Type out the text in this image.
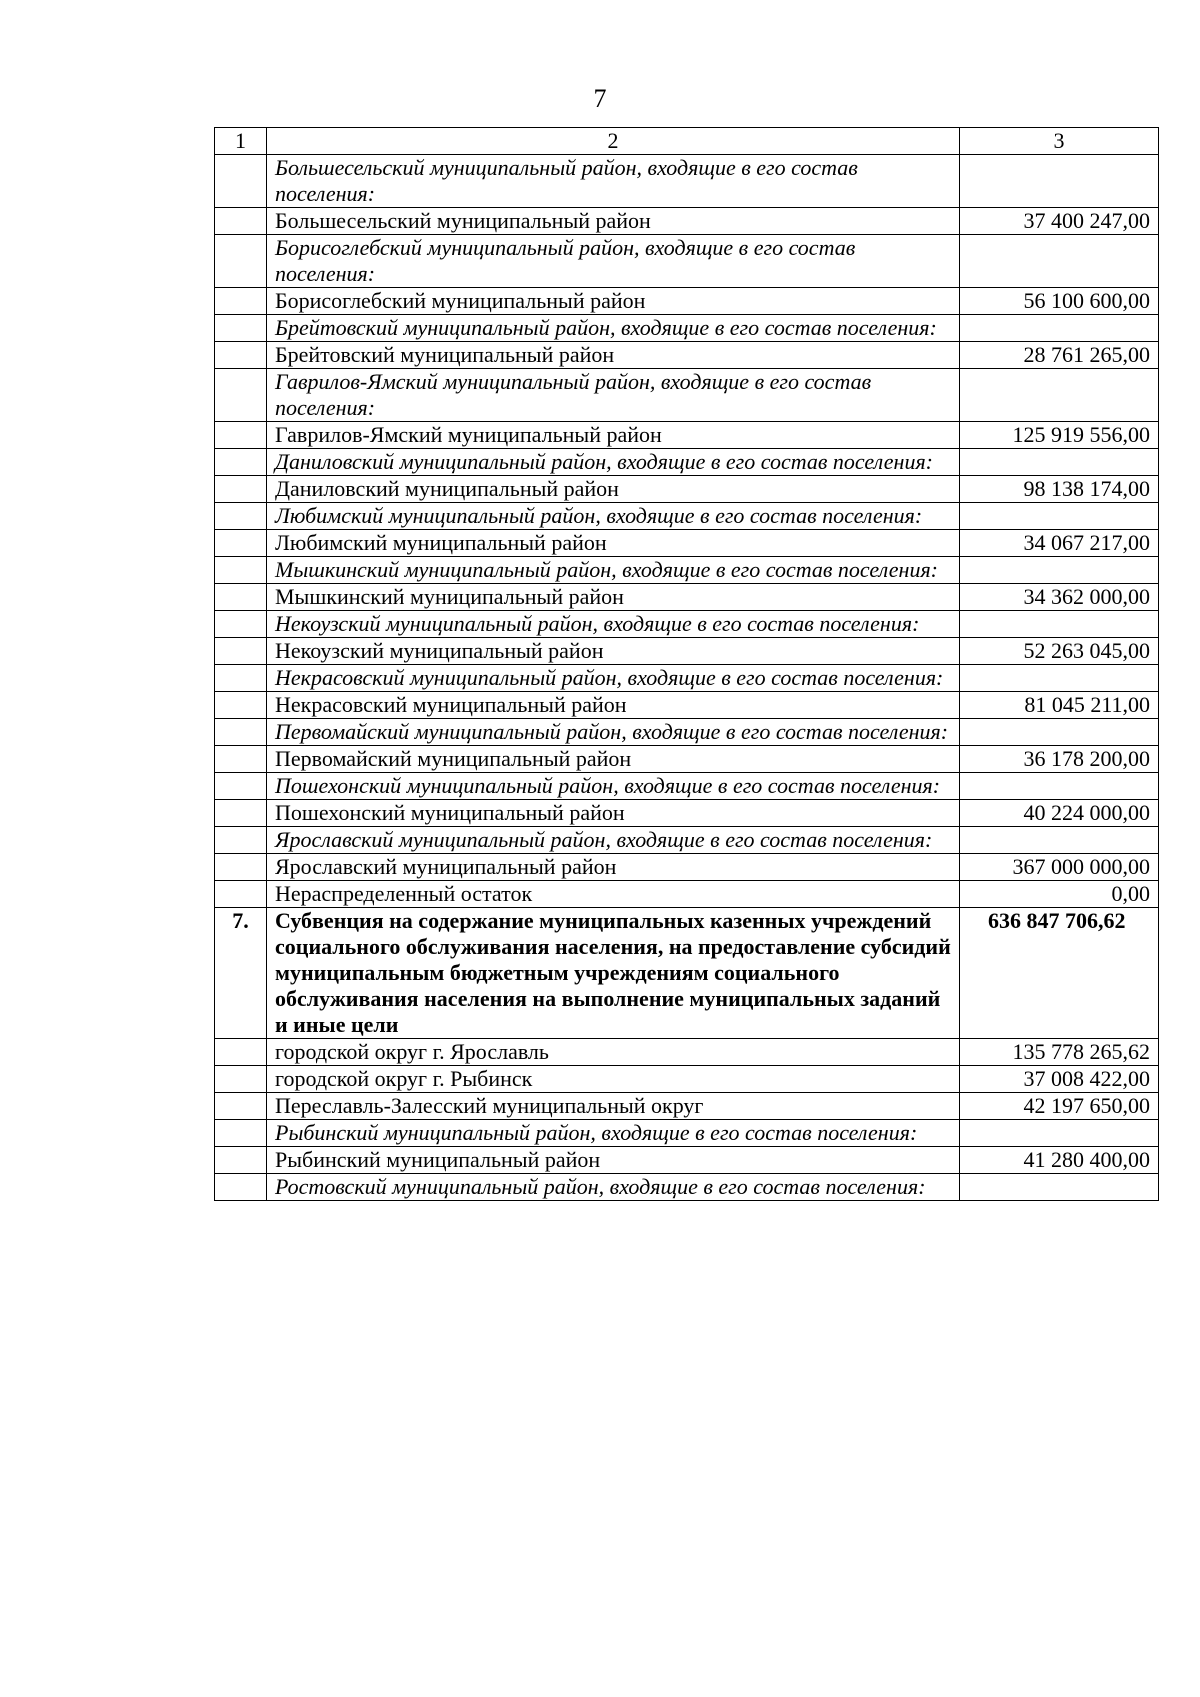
7
1	2	3
	Большесельский муниципальный район, входящие в его состав поселения:	
	Большесельский муниципальный район	37 400 247,00
	Борисоглебский муниципальный район, входящие в его состав поселения:	
	Борисоглебский муниципальный район	56 100 600,00
	Брейтовский муниципальный район, входящие в его состав поселения:	
	Брейтовский муниципальный район	28 761 265,00
	Гаврилов-Ямский муниципальный район, входящие в его состав поселения:	
	Гаврилов-Ямский муниципальный район	125 919 556,00
	Даниловский муниципальный район, входящие в его состав поселения:	
	Даниловский муниципальный район	98 138 174,00
	Любимский муниципальный район, входящие в его состав поселения:	
	Любимский муниципальный район	34 067 217,00
	Мышкинский муниципальный район, входящие в его состав поселения:	
	Мышкинский муниципальный район	34 362 000,00
	Некоузский муниципальный район, входящие в его состав поселения:	
	Некоузский муниципальный район	52 263 045,00
	Некрасовский муниципальный район, входящие в его состав поселения:	
	Некрасовский муниципальный район	81 045 211,00
	Первомайский муниципальный район, входящие в его состав поселения:	
	Первомайский муниципальный район	36 178 200,00
	Пошехонский муниципальный район, входящие в его состав поселения:	
	Пошехонский муниципальный район	40 224 000,00
	Ярославский муниципальный район, входящие в его состав поселения:	
	Ярославский муниципальный район	367 000 000,00
	Нераспределенный остаток	0,00
7.	Субвенция на содержание муниципальных казенных учреждений социального обслуживания населения, на предоставление субсидий муниципальным бюджетным учреждениям социального обслуживания населения на выполнение муниципальных заданий и иные цели	636 847 706,62
	городской округ г. Ярославль	135 778 265,62
	городской округ г. Рыбинск	37 008 422,00
	Переславль-Залесский муниципальный округ	42 197 650,00
	Рыбинский муниципальный район, входящие в его состав поселения:	
	Рыбинский муниципальный район	41 280 400,00
	Ростовский муниципальный район, входящие в его состав поселения:	
